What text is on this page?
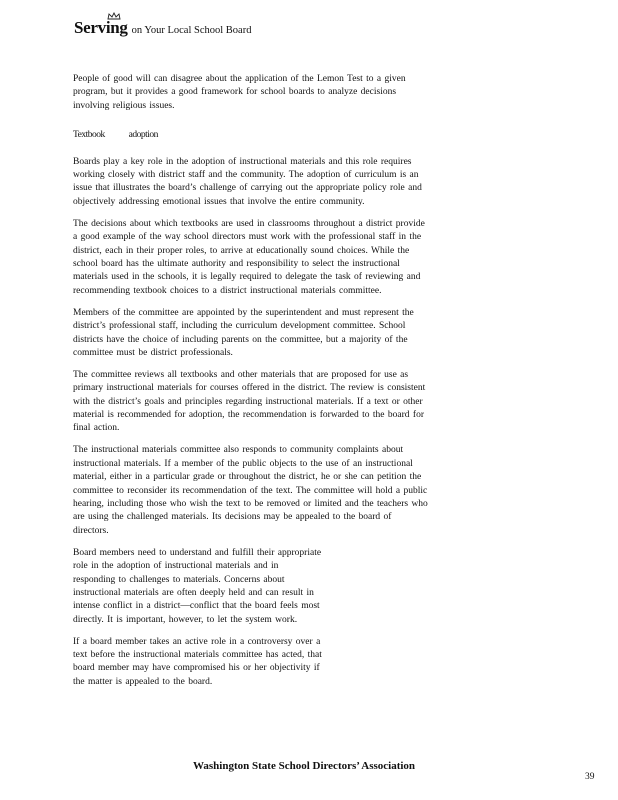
Serving on Your Local School Board

People of good will can disagree about the application of the Lemon Test to a given program, but it provides a good framework for school boards to analyze decisions involving religious issues.

Textbook adoption

Boards play a key role in the adoption of instructional materials and this role requires working closely with district staff and the community. The adoption of curriculum is an issue that illustrates the board’s challenge of carrying out the appropriate policy role and objectively addressing emotional issues that involve the entire community.

The decisions about which textbooks are used in classrooms throughout a district provide a good example of the way school directors must work with the professional staff in the district, each in their proper roles, to arrive at educationally sound choices. While the school board has the ultimate authority and responsibility to select the instructional materials used in the schools, it is legally required to delegate the task of reviewing and recommending textbook choices to a district instructional materials committee.

Members of the committee are appointed by the superintendent and must represent the district’s professional staff, including the curriculum development committee. School districts have the choice of including parents on the committee, but a majority of the committee must be district professionals.

The committee reviews all textbooks and other materials that are proposed for use as primary instructional materials for courses offered in the district. The review is consistent with the district’s goals and principles regarding instructional materials. If a text or other material is recommended for adoption, the recommendation is forwarded to the board for final action.

The instructional materials committee also responds to community complaints about instructional materials. If a member of the public objects to the use of an instructional material, either in a particular grade or throughout the district, he or she can petition the committee to reconsider its recommendation of the text. The committee will hold a public hearing, including those who wish the text to be removed or limited and the teachers who are using the challenged materials. Its decisions may be appealed to the board of directors.

Board members need to understand and fulfill their appropriate role in the adoption of instructional materials and in responding to challenges to materials. Concerns about instructional materials are often deeply held and can result in intense conflict in a district—conflict that the board feels most directly. It is important, however, to let the system work.

If a board member takes an active role in a controversy over a text before the instructional materials committee has acted, that board member may have compromised his or her objectivity if the matter is appealed to the board.

Washington State School Directors’ Association
39
